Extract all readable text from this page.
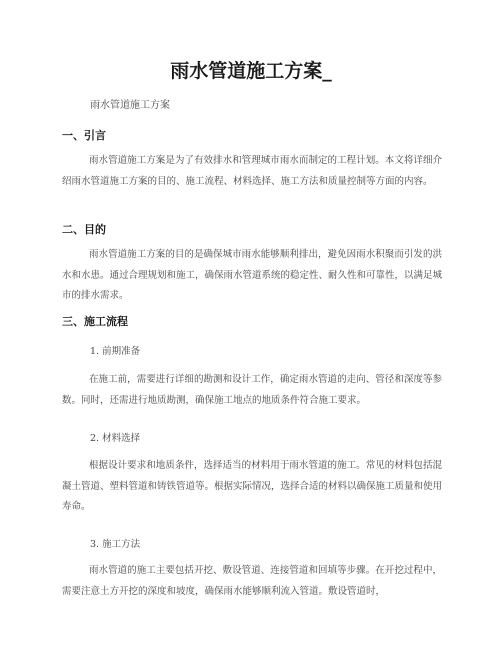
雨水管道施工方案_

雨水管道施工方案

一、引言

雨水管道施工方案是为了有效排水和管理城市雨水而制定的工程计划。本文将详细介绍雨水管道施工方案的目的、施工流程、材料选择、施工方法和质量控制等方面的内容。

二、目的

雨水管道施工方案的目的是确保城市雨水能够顺利排出，避免因雨水积聚而引发的洪水和水患。通过合理规划和施工，确保雨水管道系统的稳定性、耐久性和可靠性，以满足城市的排水需求。

三、施工流程

1. 前期准备

在施工前，需要进行详细的勘测和设计工作，确定雨水管道的走向、管径和深度等参数。同时，还需进行地质勘测，确保施工地点的地质条件符合施工要求。

2. 材料选择

根据设计要求和地质条件，选择适当的材料用于雨水管道的施工。常见的材料包括混凝土管道、塑料管道和铸铁管道等。根据实际情况，选择合适的材料以确保施工质量和使用寿命。

3. 施工方法

雨水管道的施工主要包括开挖、敷设管道、连接管道和回填等步骤。在开挖过程中，需要注意土方开挖的深度和坡度，确保雨水能够顺利流入管道。敷设管道时，
